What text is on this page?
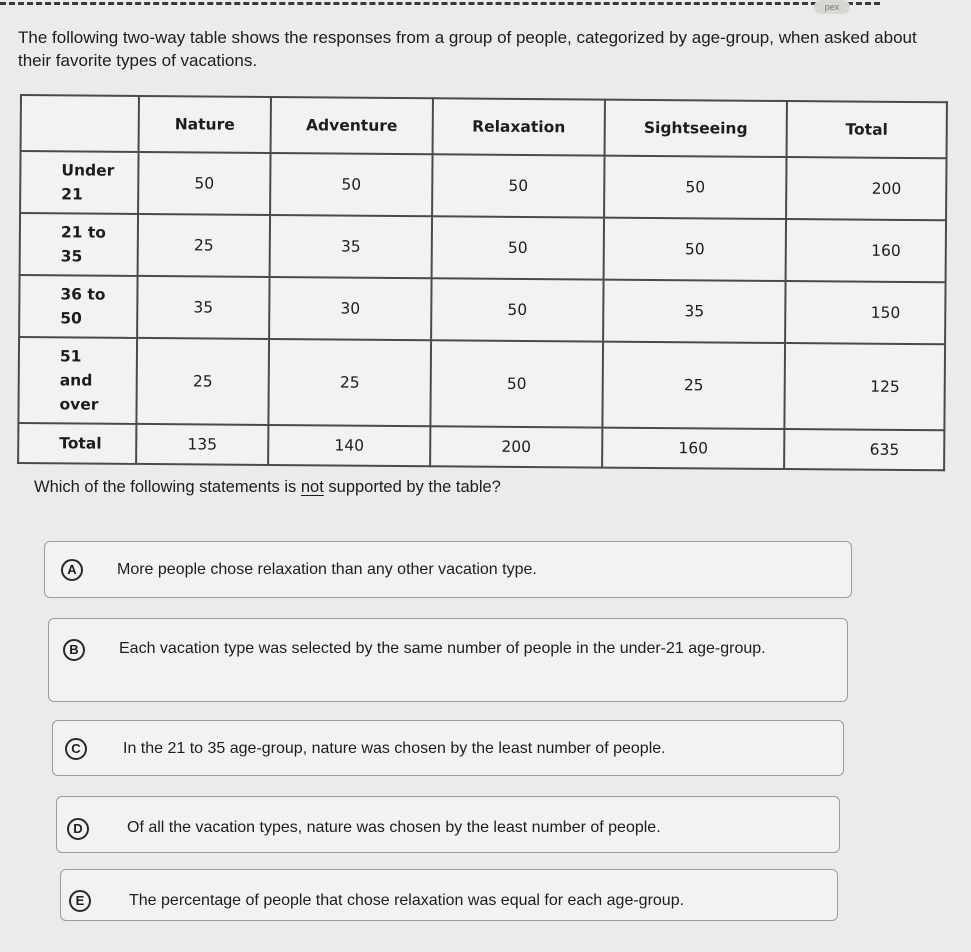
pex
The following two-way table shows the responses from a group of people, categorized by age-group, when asked about their favorite types of vacations.
	Nature	Adventure	Relaxation	Sightseeing	Total
Under
21	50	50	50	50	200
21 to
35	25	35	50	50	160
36 to
50	35	30	50	35	150
51
and
over	25	25	50	25	125
Total	135	140	200	160	635
Which of the following statements is not supported by the table?
A	More people chose relaxation than any other vacation type.
B	Each vacation type was selected by the same number of people in the under-21 age-group.
C	In the 21 to 35 age-group, nature was chosen by the least number of people.
D	Of all the vacation types, nature was chosen by the least number of people.
E	The percentage of people that chose relaxation was equal for each age-group.
